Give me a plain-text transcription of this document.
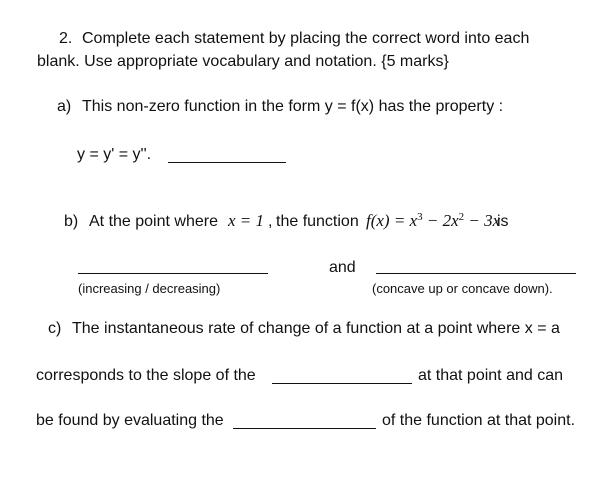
2. Complete each statement by placing the correct word into each
blank. Use appropriate vocabulary and notation. {5 marks}
a) This non-zero function in the form y = f(x) has the property :
y = y' = y''.
b) At the point where x = 1 , the function $f(x) = x^3 - 2x^2 - 3x$
is
and
(increasing / decreasing)	(concave up or concave down).
c) The instantaneous rate of change of a function at a point where x = a
corresponds to the slope of the	at that point and can
be found by evaluating the	of the function at that point.
